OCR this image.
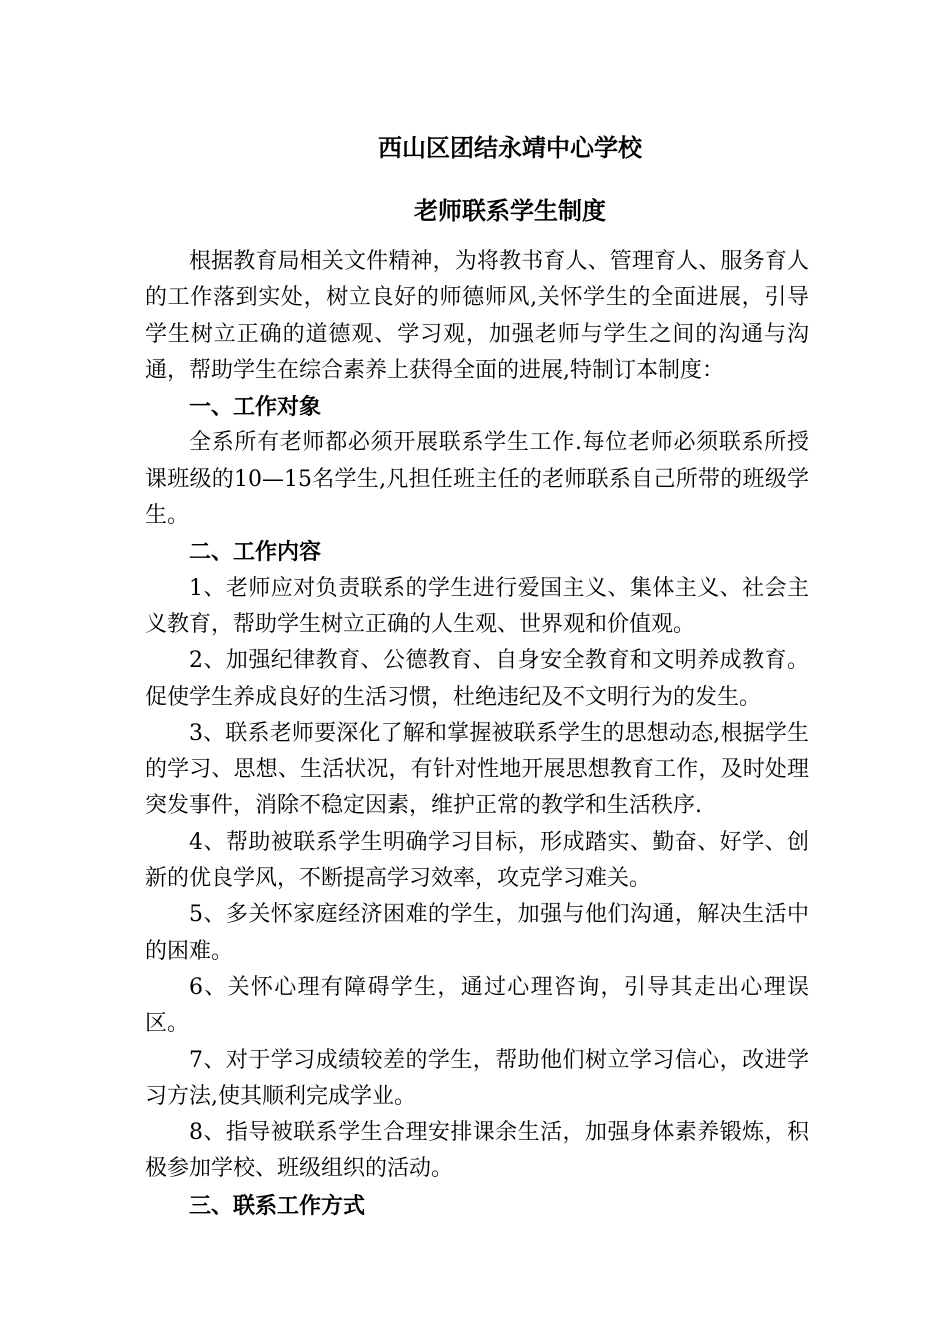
西山区团结永靖中心学校
老师联系学生制度

根据教育局相关文件精神，为将教书育人、管理育人、服务育人的工作落到实处，树立良好的师德师风,关怀学生的全面进展，引导学生树立正确的道德观、学习观，加强老师与学生之间的沟通与沟通，帮助学生在综合素养上获得全面的进展,特制订本制度：

一、工作对象

全系所有老师都必须开展联系学生工作.每位老师必须联系所授课班级的10—15名学生,凡担任班主任的老师联系自己所带的班级学生。

二、工作内容

1、老师应对负责联系的学生进行爱国主义、集体主义、社会主义教育，帮助学生树立正确的人生观、世界观和价值观。

2、加强纪律教育、公德教育、自身安全教育和文明养成教育。促使学生养成良好的生活习惯，杜绝违纪及不文明行为的发生。

3、联系老师要深化了解和掌握被联系学生的思想动态,根据学生的学习、思想、生活状况，有针对性地开展思想教育工作，及时处理突发事件，消除不稳定因素，维护正常的教学和生活秩序.

4、帮助被联系学生明确学习目标，形成踏实、勤奋、好学、创新的优良学风，不断提高学习效率，攻克学习难关。

5、多关怀家庭经济困难的学生，加强与他们沟通，解决生活中的困难。

6、关怀心理有障碍学生，通过心理咨询，引导其走出心理误区。

7、对于学习成绩较差的学生，帮助他们树立学习信心，改进学习方法,使其顺利完成学业。

8、指导被联系学生合理安排课余生活，加强身体素养锻炼，积极参加学校、班级组织的活动。

三、联系工作方式
